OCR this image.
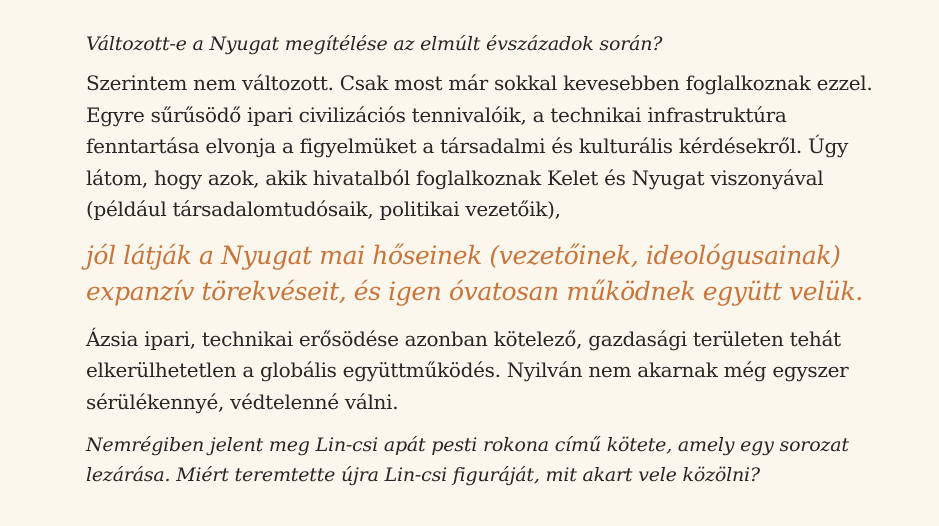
Változott-e a Nyugat megítélése az elmúlt évszázadok során?

Szerintem nem változott. Csak most már sokkal kevesebben foglalkoznak ezzel. Egyre sűrűsödő ipari civilizációs tennivalóik, a technikai infrastruktúra fenntartása elvonja a figyelmüket a társadalmi és kulturális kérdésekről. Úgy látom, hogy azok, akik hivatalból foglalkoznak Kelet és Nyugat viszonyával (például társadalomtudósaik, politikai vezetőik),

jól látják a Nyugat mai hőseinek (vezetőinek, ideológusainak) expanzív törekvéseit, és igen óvatosan működnek együtt velük.

Ázsia ipari, technikai erősödése azonban kötelező, gazdasági területen tehát elkerülhetetlen a globális együttműködés. Nyilván nem akarnak még egyszer sérülékennyé, védtelenné válni.

Nemrégiben jelent meg Lin-csi apát pesti rokona című kötete, amely egy sorozat lezárása. Miért teremtette újra Lin-csi figuráját, mit akart vele közölni?
